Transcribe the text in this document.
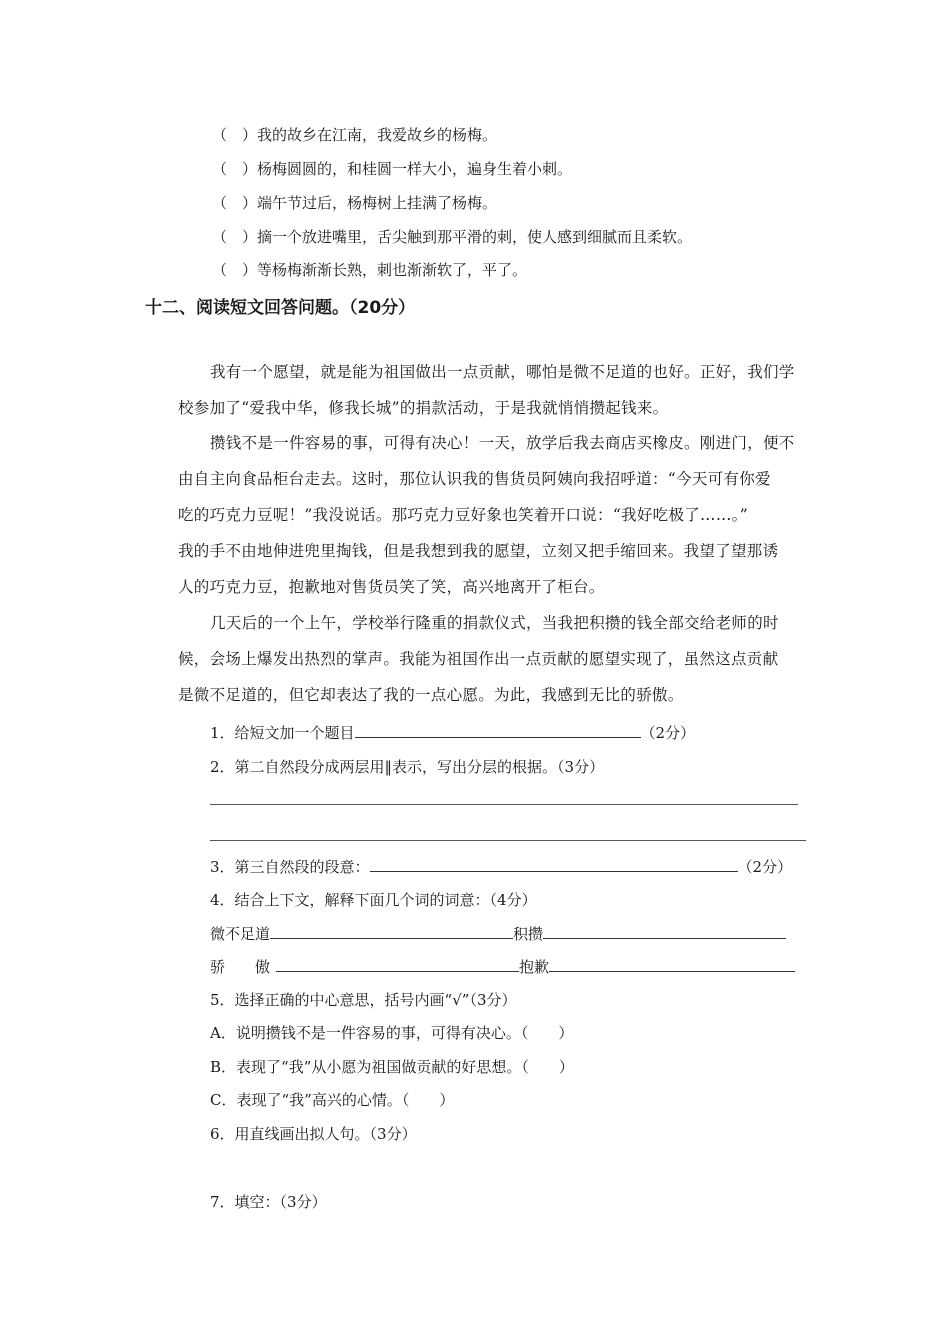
（　）我的故乡在江南，我爱故乡的杨梅。
（　）杨梅圆圆的，和桂圆一样大小，遍身生着小刺。
（　）端午节过后，杨梅树上挂满了杨梅。
（　）摘一个放进嘴里，舌尖触到那平滑的刺，使人感到细腻而且柔软。
（　）等杨梅渐渐长熟，刺也渐渐软了，平了。
十二、阅读短文回答问题。（20分）
我有一个愿望，就是能为祖国做出一点贡献，哪怕是微不足道的也好。正好，我们学
校参加了“爱我中华，修我长城”的捐款活动，于是我就悄悄攒起钱来。
攒钱不是一件容易的事，可得有决心！一天，放学后我去商店买橡皮。刚进门，便不
由自主向食品柜台走去。这时，那位认识我的售货员阿姨向我招呼道：“今天可有你爱
吃的巧克力豆呢！”我没说话。那巧克力豆好象也笑着开口说：“我好吃极了……。”
我的手不由地伸进兜里掏钱，但是我想到我的愿望，立刻又把手缩回来。我望了望那诱
人的巧克力豆，抱歉地对售货员笑了笑，高兴地离开了柜台。
几天后的一个上午，学校举行隆重的捐款仪式，当我把积攒的钱全部交给老师的时
候，会场上爆发出热烈的掌声。我能为祖国作出一点贡献的愿望实现了，虽然这点贡献
是微不足道的，但它却表达了我的一点心愿。为此，我感到无比的骄傲。
1．给短文加一个题目	（2分）
2．第二自然段分成两层用‖表示，写出分层的根据。（3分）
3．第三自然段的段意：	（2分）
4．结合上下文，解释下面几个词的词意：（4分）
微不足道	积攒
骄　　傲	抱歉
5．选择正确的中心意思，括号内画“√”（3分）
A．说明攒钱不是一件容易的事，可得有决心。（　　）
B．表现了“我”从小愿为祖国做贡献的好思想。（　　）
C．表现了“我”高兴的心情。（　　）
6．用直线画出拟人句。（3分）
7．填空：（3分）
